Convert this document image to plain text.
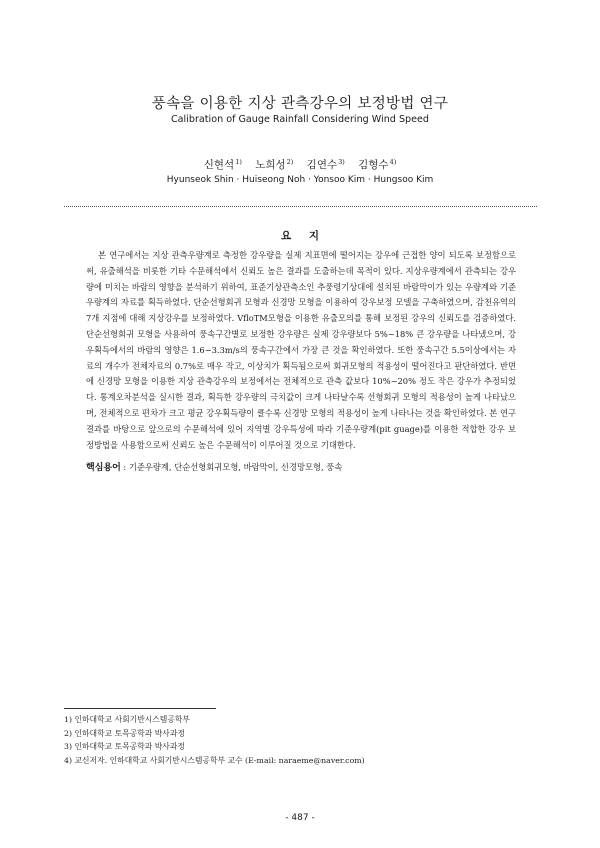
풍속을 이용한 지상 관측강우의 보정방법 연구
Calibration of Gauge Rainfall Considering Wind Speed
신현석$^{1)}$ 노희성$^{2)}$ 김연수$^{3)}$ 김형수$^{4)}$
Hyunseok Shin · Huiseong Noh · Yonsoo Kim · Hungsoo Kim
요 지

본 연구에서는 지상 관측우량계로 측정한 강우량을 실제 지표면에 떨어지는 강우에 근접한 양이 되도록 보정함으로써, 유출해석을 비롯한 기타 수문해석에서 신뢰도 높은 결과를 도출하는데 목적이 있다. 지상우량계에서 관측되는 강우량에 미치는 바람의 영향을 분석하기 위하여, 표준기상관측소인 추풍령기상대에 설치된 바람막이가 있는 우량계와 기준우량계의 자료를 획득하였다. 단순선형회귀 모형과 신경망 모형을 이용하여 강우보정 모델을 구축하였으며, 감천유역의 7개 지점에 대해 지상강우를 보정하였다. VfloTM모형을 이용한 유출모의를 통해 보정된 강우의 신뢰도를 검증하였다. 단순선형회귀 모형을 사용하여 풍속구간별로 보정한 강우량은 실제 강우량보다 5%~18% 큰 강우량을 나타냈으며, 강우획득에서의 바람의 영향은 1.6~3.3m/s의 풍속구간에서 가장 큰 것을 확인하였다. 또한 풍속구간 5.5이상에서는 자료의 개수가 전체자료의 0.7%로 매우 작고, 이상치가 획득됨으로써 회귀모형의 적용성이 떨어진다고 판단하였다. 반면에 신경망 모형을 이용한 지상 관측강우의 보정에서는 전체적으로 관측 값보다 10%~20% 정도 작은 강우가 추정되었다. 통계오차분석을 실시한 결과, 획득한 강우량의 극치값이 크게 나타날수록 선형회귀 모형의 적용성이 높게 나타났으며, 전체적으로 편차가 크고 평균 강우획득량이 클수록 신경망 모형의 적용성이 높게 나타나는 것을 확인하였다. 본 연구 결과를 바탕으로 앞으로의 수문해석에 있어 지역별 강우특성에 따라 기준우량계(pit guage)를 이용한 적합한 강우 보정방법을 사용함으로써 신뢰도 높은 수문해석이 이루어질 것으로 기대한다.

핵심용어 : 기준우량계, 단순선형회귀모형, 바람막이, 신경망모형, 풍속
1) 인하대학교 사회기반시스템공학부
2) 인하대학교 토목공학과 박사과정
3) 인하대학교 토목공학과 박사과정
4) 교신저자. 인하대학교 사회기반시스템공학부 교수 (E-mail: naraeme@naver.com)
- 487 -
